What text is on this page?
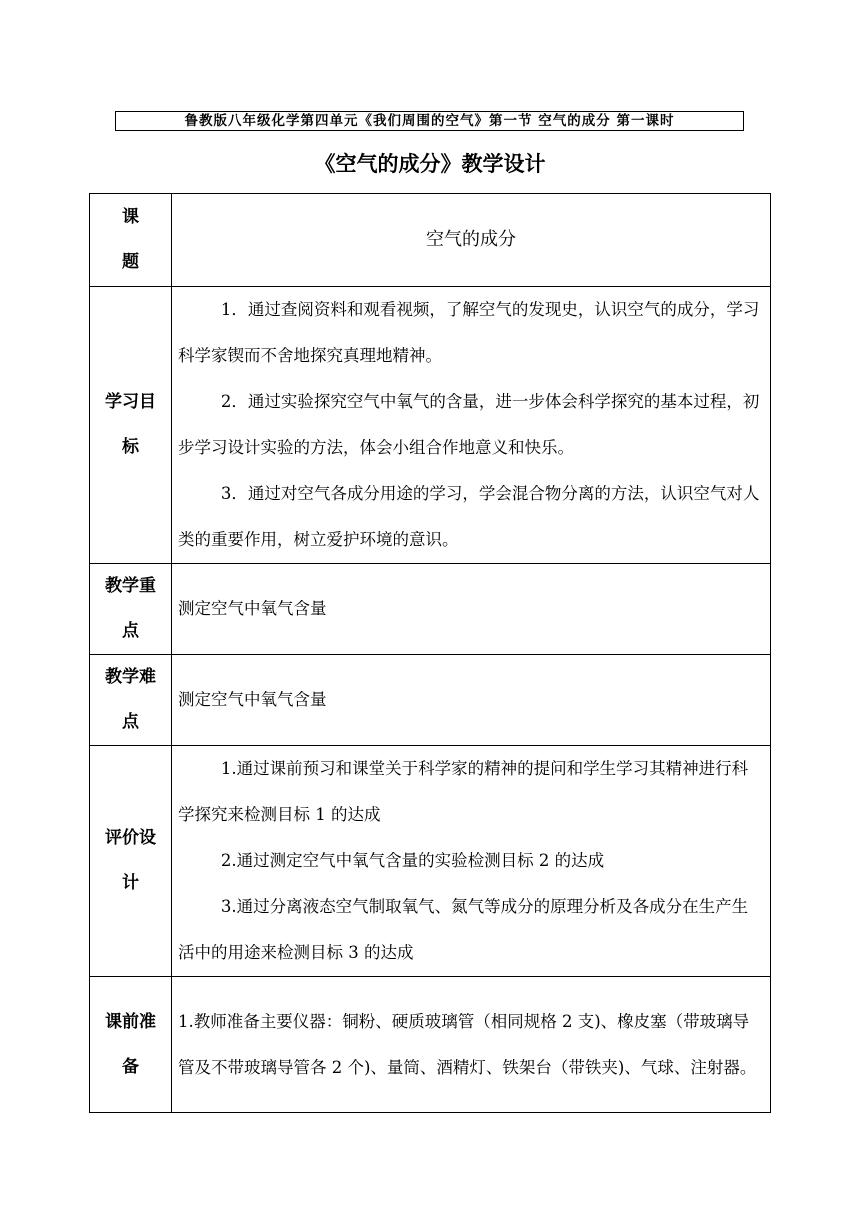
鲁教版八年级化学第四单元《我们周围的空气》第一节 空气的成分 第一课时
《空气的成分》教学设计
课题	空气的成分
学习目标	1．通过查阅资料和观看视频，了解空气的发现史，认识空气的成分，学习科学家锲而不舍地探究真理地精神。

2．通过实验探究空气中氧气的含量，进一步体会科学探究的基本过程，初步学习设计实验的方法，体会小组合作地意义和快乐。

3．通过对空气各成分用途的学习，学会混合物分离的方法，认识空气对人类的重要作用，树立爱护环境的意识。

教学重点	测定空气中氧气含量
教学难点	测定空气中氧气含量
评价设计	1.通过课前预习和课堂关于科学家的精神的提问和学生学习其精神进行科学探究来检测目标 1 的达成

2.通过测定空气中氧气含量的实验检测目标 2 的达成

3.通过分离液态空气制取氧气、氮气等成分的原理分析及各成分在生产生活中的用途来检测目标 3 的达成

课前准备	1.教师准备主要仪器：铜粉、硬质玻璃管（相同规格 2 支)、橡皮塞（带玻璃导管及不带玻璃导管各 2 个)、量筒、酒精灯、铁架台（带铁夹)、气球、注射器。
